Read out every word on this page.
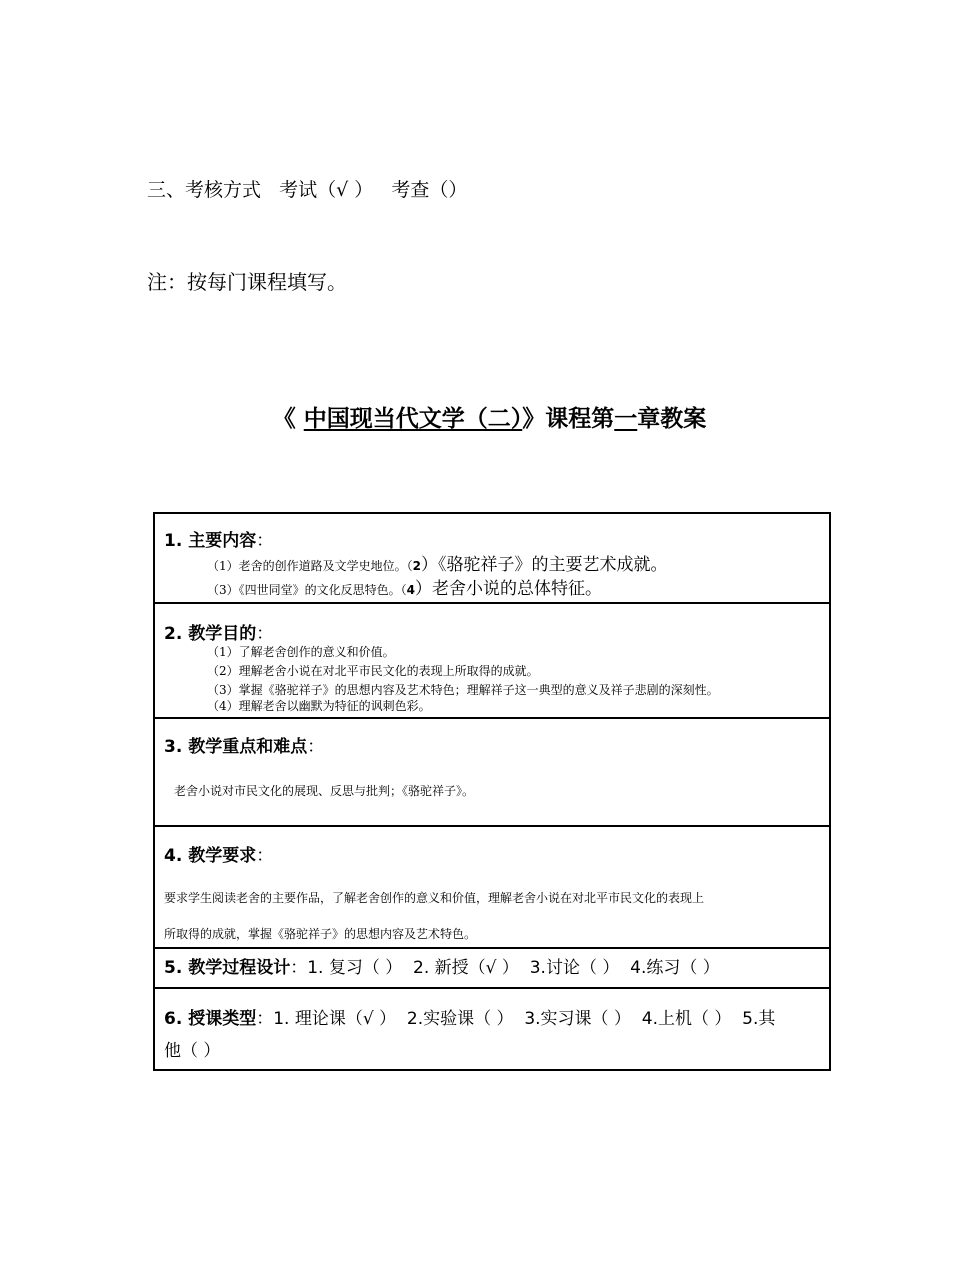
三、考核方式   考试（√ ）   考查（）
注：按每门课程填写。
《 中国现当代文学（二）》课程第一章教案
1. 主要内容：
（1）老舍的创作道路及文学史地位。（2）《骆驼祥子》的主要艺术成就。
（3）《四世同堂》的文化反思特色。（4）老舍小说的总体特征。

2. 教学目的：
（1）了解老舍创作的意义和价值。
（2）理解老舍小说在对北平市民文化的表现上所取得的成就。
（3）掌握《骆驼祥子》的思想内容及艺术特色；理解祥子这一典型的意义及祥子悲剧的深刻性。
（4）理解老舍以幽默为特征的讽刺色彩。

3. 教学重点和难点：
老舍小说对市民文化的展现、反思与批判；《骆驼祥子》。

4. 教学要求：
要求学生阅读老舍的主要作品，了解老舍创作的意义和价值，理解老舍小说在对北平市民文化的表现上
所取得的成就，掌握《骆驼祥子》的思想内容及艺术特色。

5. 教学过程设计：1. 复习（ ）  2. 新授（√ ）  3.讨论（ ）  4.练习（ ）

6. 授课类型：1. 理论课（√ ）  2.实验课（ ）  3.实习课（ ）  4.上机（ ）  5.其
他（ ）
